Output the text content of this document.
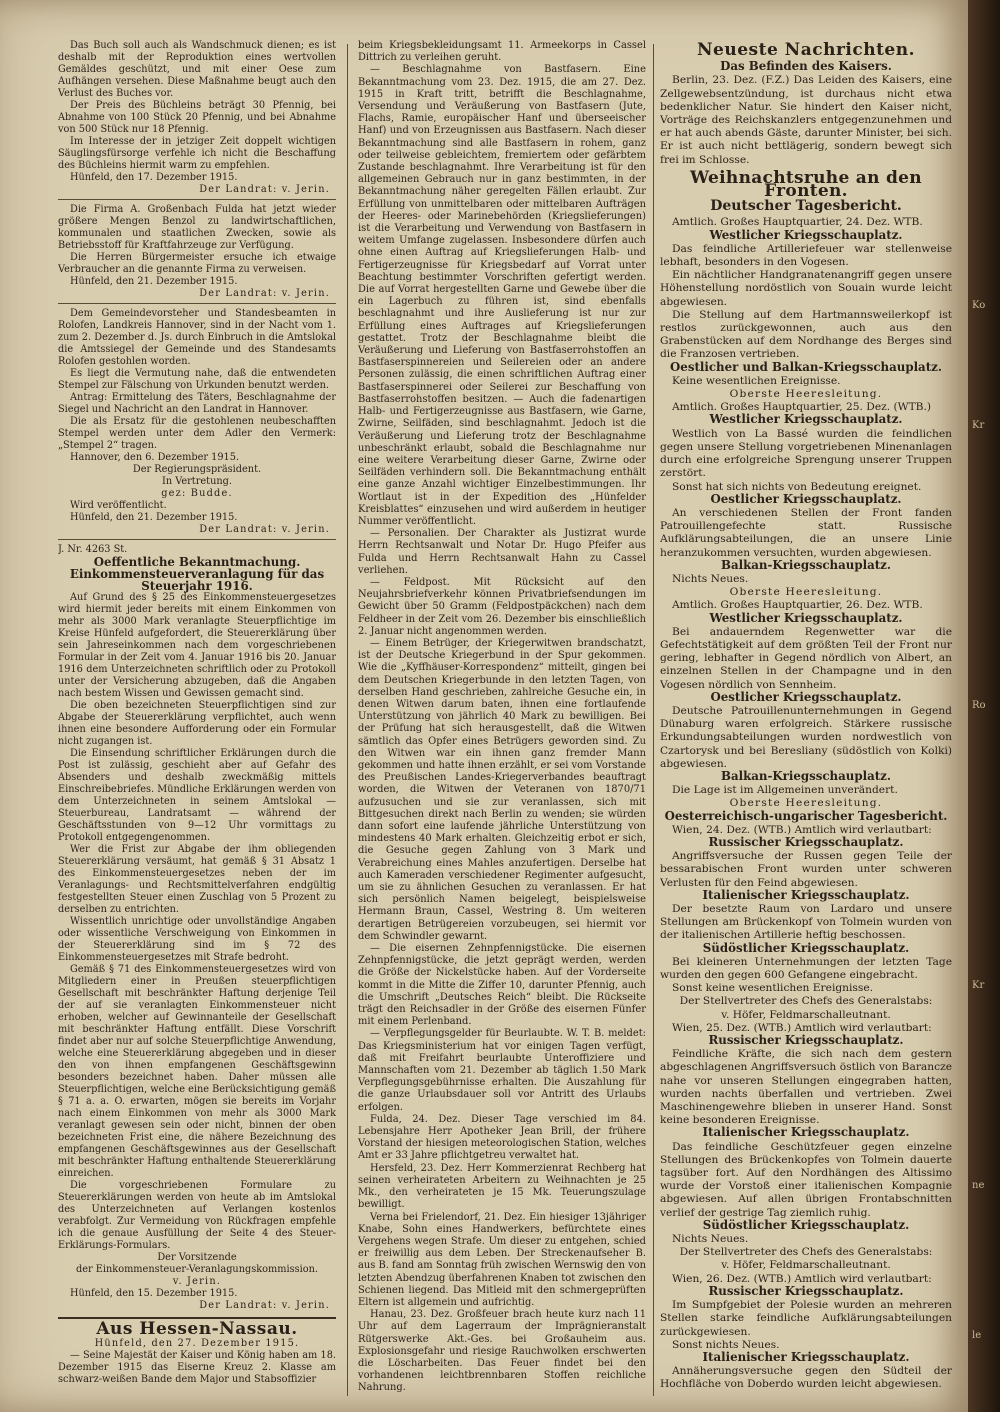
Das Buch soll auch als Wandschmuck dienen; es ist deshalb mit der Reproduktion eines wertvollen Gemäldes geschützt, und mit einer Oese zum Aufhängen versehen. Diese Maßnahme beugt auch den Verlust des Buches vor.

Der Preis des Büchleins beträgt 30 Pfennig, bei Abnahme von 100 Stück 20 Pfennig, und bei Abnahme von 500 Stück nur 18 Pfennig.

Im Interesse der in jetziger Zeit doppelt wichtigen Säuglingsfürsorge verfehle ich nicht die Beschaffung des Büchleins hiermit warm zu empfehlen.

Hünfeld, den 17. Dezember 1915.

Der Landrat: v. Jerin.

Die Firma A. Großenbach Fulda hat jetzt wieder größere Mengen Benzol zu landwirtschaftlichen, kommunalen und staatlichen Zwecken, sowie als Betriebsstoff für Kraftfahrzeuge zur Verfügung.

Die Herren Bürgermeister ersuche ich etwaige Verbraucher an die genannte Firma zu verweisen.

Hünfeld, den 21. Dezember 1915.

Der Landrat: v. Jerin.

Dem Gemeindevorsteher und Standesbeamten in Rolofen, Landkreis Hannover, sind in der Nacht vom 1. zum 2. Dezember d. Js. durch Einbruch in die Amtslokal die Amtssiegel der Gemeinde und des Standesamts Rolofen gestohlen worden.

Es liegt die Vermutung nahe, daß die entwendeten Stempel zur Fälschung von Urkunden benutzt werden.

Antrag: Ermittelung des Täters, Beschlagnahme der Siegel und Nachricht an den Landrat in Hannover.

Die als Ersatz für die gestohlenen neubeschafften Stempel werden unter dem Adler den Vermerk: „Stempel 2“ tragen.

Hannover, den 6. Dezember 1915.

Der Regierungspräsident.

In Vertretung.

gez: Budde.

Wird veröffentlicht.

Hünfeld, den 21. Dezember 1915.

Der Landrat: v. Jerin.

J. Nr. 4263 St.

Oeffentliche Bekanntmachung.

Einkommensteuerveranlagung für das Steuerjahr 1916.

Auf Grund des § 25 des Einkommensteuergesetzes wird hiermit jeder bereits mit einem Einkommen von mehr als 3000 Mark veranlagte Steuerpflichtige im Kreise Hünfeld aufgefordert, die Steuererklärung über sein Jahreseinkommen nach dem vorgeschriebenen Formular in der Zeit vom 4. Januar 1916 bis 20. Januar 1916 dem Unterzeichneten schriftlich oder zu Protokoll unter der Versicherung abzugeben, daß die Angaben nach bestem Wissen und Gewissen gemacht sind.

Die oben bezeichneten Steuerpflichtigen sind zur Abgabe der Steuererklärung verpflichtet, auch wenn ihnen eine besondere Aufforderung oder ein Formular nicht zugangen ist.

Die Einsendung schriftlicher Erklärungen durch die Post ist zulässig, geschieht aber auf Gefahr des Absenders und deshalb zweckmäßig mittels Einschreibebriefes. Mündliche Erklärungen werden von dem Unterzeichneten in seinem Amtslokal — Steuerbureau, Landratsamt — während der Geschäftsstunden von 9—12 Uhr vormittags zu Protokoll entgegengenommen.

Wer die Frist zur Abgabe der ihm obliegenden Steuererklärung versäumt, hat gemäß § 31 Absatz 1 des Einkommensteuergesetzes neben der im Veranlagungs- und Rechtsmittelverfahren endgültig festgestellten Steuer einen Zuschlag von 5 Prozent zu derselben zu entrichten.

Wissentlich unrichtige oder unvollständige Angaben oder wissentliche Verschweigung von Einkommen in der Steuererklärung sind im § 72 des Einkommensteuergesetzes mit Strafe bedroht.

Gemäß § 71 des Einkommensteuergesetzes wird von Mitgliedern einer in Preußen steuerpflichtigen Gesellschaft mit beschränkter Haftung derjenige Teil der auf sie veranlagten Einkommensteuer nicht erhoben, welcher auf Gewinnanteile der Gesellschaft mit beschränkter Haftung entfällt. Diese Vorschrift findet aber nur auf solche Steuerpflichtige Anwendung, welche eine Steuererklärung abgegeben und in dieser den von ihnen empfangenen Geschäftsgewinn besonders bezeichnet haben. Daher müssen alle Steuerpflichtigen, welche eine Berücksichtigung gemäß § 71 a. a. O. erwarten, mögen sie bereits im Vorjahr nach einem Einkommen von mehr als 3000 Mark veranlagt gewesen sein oder nicht, binnen der oben bezeichneten Frist eine, die nähere Bezeichnung des empfangenen Geschäftsgewinnes aus der Gesellschaft mit beschränkter Haftung enthaltende Steuererklärung einreichen.

Die vorgeschriebenen Formulare zu Steuererklärungen werden von heute ab im Amtslokal des Unterzeichneten auf Verlangen kostenlos verabfolgt. Zur Vermeidung von Rückfragen empfehle ich die genaue Ausfüllung der Seite 4 des Steuer-Erklärungs-Formulars.

Der Vorsitzende

der Einkommensteuer-Veranlagungskommission.

v. Jerin.

Hünfeld, den 15. Dezember 1915.

Der Landrat: v. Jerin.

Aus Hessen-Nassau.

Hünfeld, den 27. Dezember 1915.

— Seine Majestät der Kaiser und König haben am 18. Dezember 1915 das Eiserne Kreuz 2. Klasse am schwarz-weißen Bande dem Major und Stabsoffizier

beim Kriegsbekleidungsamt 11. Armeekorps in Cassel Dittrich zu verleihen geruht.

— Beschlagnahme von Bastfasern. Eine Bekanntmachung vom 23. Dez. 1915, die am 27. Dez. 1915 in Kraft tritt, betrifft die Beschlagnahme, Versendung und Veräußerung von Bastfasern (Jute, Flachs, Ramie, europäischer Hanf und überseeischer Hanf) und von Erzeugnissen aus Bastfasern. Nach dieser Bekanntmachung sind alle Bastfasern in rohem, ganz oder teilweise gebleichtem, fremiertem oder gefärbtem Zustande beschlagnahmt. Ihre Verarbeitung ist für den allgemeinen Gebrauch nur in ganz bestimmten, in der Bekanntmachung näher geregelten Fällen erlaubt. Zur Erfüllung von unmittelbaren oder mittelbaren Aufträgen der Heeres- oder Marinebehörden (Kriegslieferungen) ist die Verarbeitung und Verwendung von Bastfasern in weitem Umfange zugelassen. Insbesondere dürfen auch ohne einen Auftrag auf Kriegslieferungen Halb- und Fertigerzeugnisse für Kriegsbedarf auf Vorrat unter Beachtung bestimmter Vorschriften gefertigt werden. Die auf Vorrat hergestellten Garne und Gewebe über die ein Lagerbuch zu führen ist, sind ebenfalls beschlagnahmt und ihre Auslieferung ist nur zur Erfüllung eines Auftrages auf Kriegslieferungen gestattet. Trotz der Beschlagnahme bleibt die Veräußerung und Lieferung von Bastfaserrohstoffen an Bastfaserspinnereien und Seilereien oder an andere Personen zulässig, die einen schriftlichen Auftrag einer Bastfaserspinnerei oder Seilerei zur Beschaffung von Bastfaserrohstoffen besitzen. — Auch die fadenartigen Halb- und Fertigerzeugnisse aus Bastfasern, wie Garne, Zwirne, Seilfäden, sind beschlagnahmt. Jedoch ist die Veräußerung und Lieferung trotz der Beschlagnahme unbeschränkt erlaubt, sobald die Beschlagnahme nur eine weitere Verarbeitung dieser Garne, Zwirne oder Seilfäden verhindern soll. Die Bekanntmachung enthält eine ganze Anzahl wichtiger Einzelbestimmungen. Ihr Wortlaut ist in der Expedition des „Hünfelder Kreisblattes“ einzusehen und wird außerdem in heutiger Nummer veröffentlicht.

— Personalien. Der Charakter als Justizrat wurde Herrn Rechtsanwalt und Notar Dr. Hugo Pfeifer aus Fulda und Herrn Rechtsanwalt Hahn zu Cassel verliehen.

— Feldpost. Mit Rücksicht auf den Neujahrsbriefverkehr können Privatbriefsendungen im Gewicht über 50 Gramm (Feldpostpäckchen) nach dem Feldheer in der Zeit vom 26. Dezember bis einschließlich 2. Januar nicht angenommen werden.

— Einem Betrüger, der Kriegerwitwen brandschatzt, ist der Deutsche Kriegerbund in der Spur gekommen. Wie die „Kyffhäuser-Korrespondenz“ mitteilt, gingen bei dem Deutschen Kriegerbunde in den letzten Tagen, von derselben Hand geschrieben, zahlreiche Gesuche ein, in denen Witwen darum baten, ihnen eine fortlaufende Unterstützung von jährlich 40 Mark zu bewilligen. Bei der Prüfung hat sich herausgestellt, daß die Witwen sämtlich das Opfer eines Betrügers geworden sind. Zu den Witwen war ein ihnen ganz fremder Mann gekommen und hatte ihnen erzählt, er sei vom Vorstande des Preußischen Landes-Kriegerverbandes beauftragt worden, die Witwen der Veteranen von 1870/71 aufzusuchen und sie zur veranlassen, sich mit Bittgesuchen direkt nach Berlin zu wenden; sie würden dann sofort eine laufende jährliche Unterstützung von mindestens 40 Mark erhalten. Gleichzeitig erbot er sich, die Gesuche gegen Zahlung von 3 Mark und Verabreichung eines Mahles anzufertigen. Derselbe hat auch Kameraden verschiedener Regimenter aufgesucht, um sie zu ähnlichen Gesuchen zu veranlassen. Er hat sich persönlich Namen beigelegt, beispielsweise Hermann Braun, Cassel, Westring 8. Um weiteren derartigen Betrügereien vorzubeugen, sei hiermit vor dem Schwindler gewarnt.

— Die eisernen Zehnpfennigstücke. Die eisernen Zehnpfennigstücke, die jetzt geprägt werden, werden die Größe der Nickelstücke haben. Auf der Vorderseite kommt in die Mitte die Ziffer 10, darunter Pfennig, auch die Umschrift „Deutsches Reich“ bleibt. Die Rückseite trägt den Reichsadler in der Größe des eisernen Fünfer mit einem Perlenband.

— Verpflegungsgelder für Beurlaubte. W. T. B. meldet: Das Kriegsministerium hat vor einigen Tagen verfügt, daß mit Freifahrt beurlaubte Unteroffiziere und Mannschaften vom 21. Dezember ab täglich 1.50 Mark Verpflegungsgebührnisse erhalten. Die Auszahlung für die ganze Urlaubsdauer soll vor Antritt des Urlaubs erfolgen.

Fulda, 24. Dez. Dieser Tage verschied im 84. Lebensjahre Herr Apotheker Jean Brill, der frühere Vorstand der hiesigen meteorologischen Station, welches Amt er 33 Jahre pflichtgetreu verwaltet hat.

Hersfeld, 23. Dez. Herr Kommerzienrat Rechberg hat seinen verheirateten Arbeitern zu Weihnachten je 25 Mk., den verheirateten je 15 Mk. Teuerungszulage bewilligt.

Verna bei Frielendorf, 21. Dez. Ein hiesiger 13jähriger Knabe, Sohn eines Handwerkers, befürchtete eines Vergehens wegen Strafe. Um dieser zu entgehen, schied er freiwillig aus dem Leben. Der Streckenaufseher B. aus B. fand am Sonntag früh zwischen Wernswig den von letzten Abendzug überfahrenen Knaben tot zwischen den Schienen liegend. Das Mitleid mit den schmergeprüften Eltern ist allgemein und aufrichtig.

Hanau, 23. Dez. Großfeuer brach heute kurz nach 11 Uhr auf dem Lagerraum der Imprägnieranstalt Rütgerswerke Akt.-Ges. bei Großauheim aus. Explosionsgefahr und riesige Rauchwolken erschwerten die Löscharbeiten. Das Feuer findet bei den vorhandenen leichtbrennbaren Stoffen reichliche Nahrung.

Neueste Nachrichten.

Das Befinden des Kaisers.

Berlin, 23. Dez. (F.Z.) Das Leiden des Kaisers, eine Zellgewebsentzündung, ist durchaus nicht etwa bedenklicher Natur. Sie hindert den Kaiser nicht, Vorträge des Reichskanzlers entgegenzunehmen und er hat auch abends Gäste, darunter Minister, bei sich. Er ist auch nicht bettlägerig, sondern bewegt sich frei im Schlosse.

Weihnachtsruhe an den Fronten.
Deutscher Tagesbericht.

Amtlich. Großes Hauptquartier, 24. Dez. WTB.

Westlicher Kriegsschauplatz.

Das feindliche Artilleriefeuer war stellenweise lebhaft, besonders in den Vogesen.

Ein nächtlicher Handgranatenangriff gegen unsere Höhenstellung nordöstlich von Souain wurde leicht abgewiesen.

Die Stellung auf dem Hartmannsweilerkopf ist restlos zurückgewonnen, auch aus den Grabenstücken auf dem Nordhange des Berges sind die Franzosen vertrieben.

Oestlicher und Balkan-Kriegsschauplatz.

Keine wesentlichen Ereignisse.

Oberste Heeresleitung.

Amtlich. Großes Hauptquartier, 25. Dez. (WTB.)

Westlicher Kriegsschauplatz.

Westlich von La Bassé wurden die feindlichen gegen unsere Stellung vorgetriebenen Minenanlagen durch eine erfolgreiche Sprengung unserer Truppen zerstört.

Sonst hat sich nichts von Bedeutung ereignet.

Oestlicher Kriegsschauplatz.

An verschiedenen Stellen der Front fanden Patrouillengefechte statt. Russische Aufklärungsabteilungen, die an unsere Linie heranzukommen versuchten, wurden abgewiesen.

Balkan-Kriegsschauplatz.

Nichts Neues.

Oberste Heeresleitung.

Amtlich. Großes Hauptquartier, 26. Dez. WTB.

Westlicher Kriegsschauplatz.

Bei andauerndem Regenwetter war die Gefechtstätigkeit auf dem größten Teil der Front nur gering, lebhafter in Gegend nördlich von Albert, an einzelnen Stellen in der Champagne und in den Vogesen nördlich von Sennheim.

Oestlicher Kriegsschauplatz.

Deutsche Patrouillenunternehmungen in Gegend Dünaburg waren erfolgreich. Stärkere russische Erkundungsabteilungen wurden nordwestlich von Czartorysk und bei Beresliany (südöstlich von Kolki) abgewiesen.

Balkan-Kriegsschauplatz.

Die Lage ist im Allgemeinen unverändert.

Oberste Heeresleitung.

Oesterreichisch-ungarischer Tagesbericht.

Wien, 24. Dez. (WTB.) Amtlich wird verlautbart:

Russischer Kriegsschauplatz.

Angriffsversuche der Russen gegen Teile der bessarabischen Front wurden unter schweren Verlusten für den Feind abgewiesen.

Italienischer Kriegsschauplatz.

Der besetzte Raum von Lardaro und unsere Stellungen am Brückenkopf von Tolmein wurden von der italienischen Artillerie heftig beschossen.

Südöstlicher Kriegsschauplatz.

Bei kleineren Unternehmungen der letzten Tage wurden den gegen 600 Gefangene eingebracht.

Sonst keine wesentlichen Ereignisse.

Der Stellvertreter des Chefs des Generalstabs:

v. Höfer, Feldmarschalleutnant.

Wien, 25. Dez. (WTB.) Amtlich wird verlautbart:

Russischer Kriegsschauplatz.

Feindliche Kräfte, die sich nach dem gestern abgeschlagenen Angriffsversuch östlich von Barancze nahe vor unseren Stellungen eingegraben hatten, wurden nachts überfallen und vertrieben. Zwei Maschinengewehre blieben in unserer Hand. Sonst keine besonderen Ereignisse.

Italienischer Kriegsschauplatz.

Das feindliche Geschützfeuer gegen einzelne Stellungen des Brückenkopfes von Tolmein dauerte tagsüber fort. Auf den Nordhängen des Altissimo wurde der Vorstoß einer italienischen Kompagnie abgewiesen. Auf allen übrigen Frontabschnitten verlief der gestrige Tag ziemlich ruhig.

Südöstlicher Kriegsschauplatz.

Nichts Neues.

Der Stellvertreter des Chefs des Generalstabs:

v. Höfer, Feldmarschalleutnant.

Wien, 26. Dez. (WTB.) Amtlich wird verlautbart:

Russischer Kriegsschauplatz.

Im Sumpfgebiet der Polesie wurden an mehreren Stellen starke feindliche Aufklärungsabteilungen zurückgewiesen.

Sonst nichts Neues.

Italienischer Kriegsschauplatz.

Annäherungsversuche gegen den Südteil der Hochfläche von Doberdo wurden leicht abgewiesen.

Ko
Kr
Ro
Kr
ne
le
